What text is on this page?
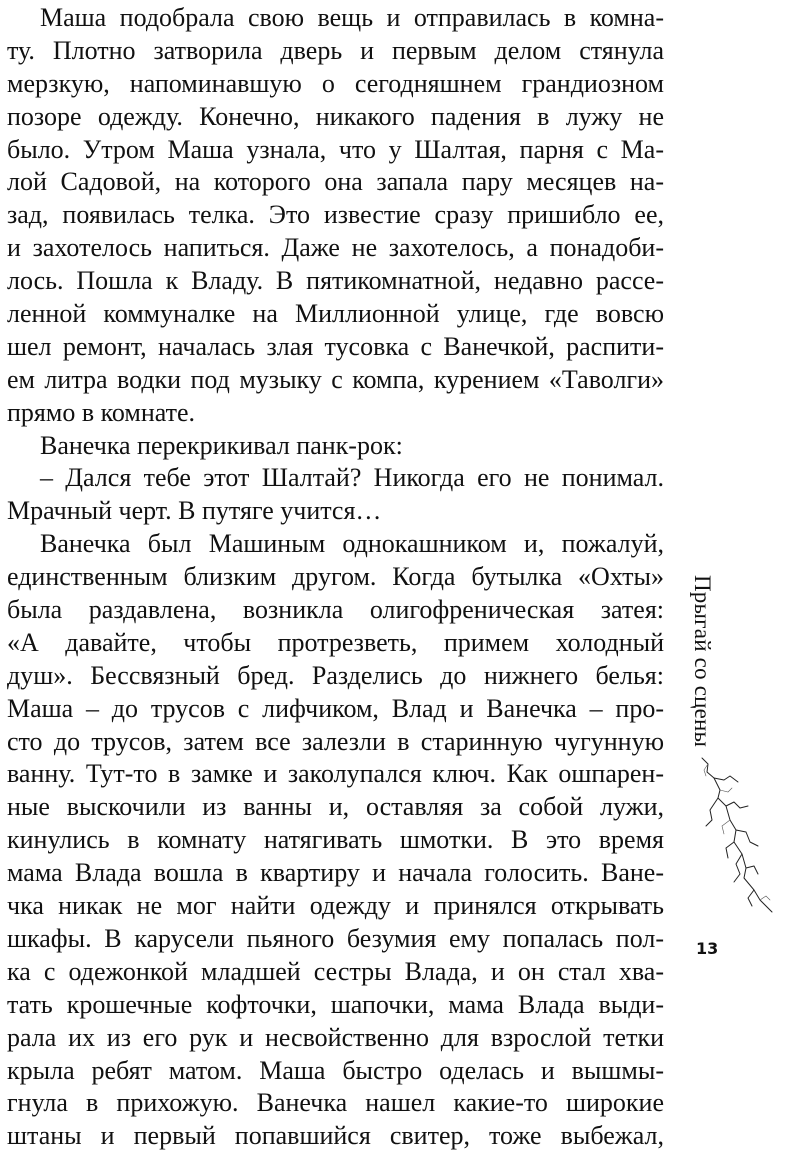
Маша подобрала свою вещь и отправилась в комна-
ту. Плотно затворила дверь и первым делом стянула
мерзкую, напоминавшую о сегодняшнем грандиозном
позоре одежду. Конечно, никакого падения в лужу не
было. Утром Маша узнала, что у Шалтая, парня с Ма-
лой Садовой, на которого она запала пару месяцев на-
зад, появилась телка. Это известие сразу пришибло ее,
и захотелось напиться. Даже не захотелось, а понадоби-
лось. Пошла к Владу. В пятикомнатной, недавно рассе-
ленной коммуналке на Миллионной улице, где вовсю
шел ремонт, началась злая тусовка с Ванечкой, распити-
ем литра водки под музыку с компа, курением «Таволги»
прямо в комнате.
Ванечка перекрикивал панк-рок:
– Дался тебе этот Шалтай? Никогда его не понимал.
Мрачный черт. В путяге учится…
Ванечка был Машиным однокашником и, пожалуй,
единственным близким другом. Когда бутылка «Охты»
была раздавлена, возникла олигофреническая затея:
«А давайте, чтобы протрезветь, примем холодный
душ». Бессвязный бред. Разделись до нижнего белья:
Маша – до трусов с лифчиком, Влад и Ванечка – про-
сто до трусов, затем все залезли в старинную чугунную
ванну. Тут-то в замке и заколупался ключ. Как ошпарен-
ные выскочили из ванны и, оставляя за собой лужи,
кинулись в комнату натягивать шмотки. В это время
мама Влада вошла в квартиру и начала голосить. Ване-
чка никак не мог найти одежду и принялся открывать
шкафы. В карусели пьяного безумия ему попалась пол-
ка с одежонкой младшей сестры Влада, и он стал хва-
тать крошечные кофточки, шапочки, мама Влада выди-
рала их из его рук и несвойственно для взрослой тетки
крыла ребят матом. Маша быстро оделась и вышмы-
гнула в прихожую. Ванечка нашел какие-то широкие
штаны и первый попавшийся свитер, тоже выбежал,
Прыгай со сцены
13
